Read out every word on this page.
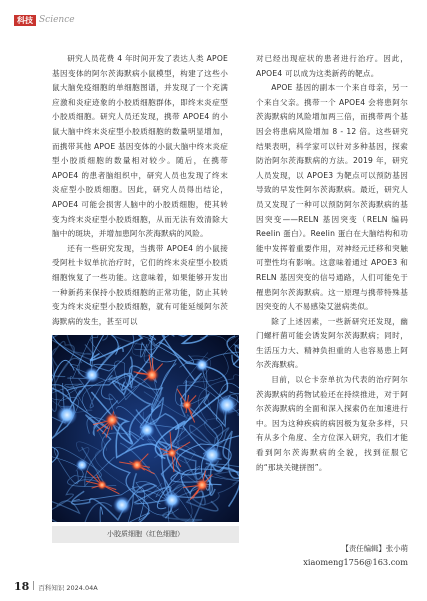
科技 Science

研究人员花费 4 年时间开发了表达人类 APOE 基因变体的阿尔茨海默病小鼠模型，构建了这些小鼠大脑免疫细胞的单细胞图谱，并发现了一个充满应激和炎症迹象的小胶质细胞群体，即终末炎症型小胶质细胞。研究人员还发现，携带 APOE4 的小鼠大脑中终末炎症型小胶质细胞的数量明显增加，而携带其他 APOE 基因变体的小鼠大脑中终末炎症型小胶质细胞的数量相对较少。随后，在携带 APOE4 的患者脑组织中，研究人员也发现了终末炎症型小胶质细胞。因此，研究人员得出结论，APOE4 可能会损害人脑中的小胶质细胞，使其转变为终末炎症型小胶质细胞，从而无法有效清除大脑中的斑块，并增加患阿尔茨海默病的风险。

还有一些研究发现，当携带 APOE4 的小鼠接受阿杜卡奴单抗治疗时，它们的终末炎症型小胶质细胞恢复了一些功能。这意味着，如果能够开发出一种新药来保持小胶质细胞的正常功能，防止其转变为终末炎症型小胶质细胞，就有可能延缓阿尔茨海默病的发生，甚至可以

对已经出现症状的患者进行治疗。因此，APOE4 可以成为这类新药的靶点。

APOE 基因的副本一个来自母亲，另一个来自父亲。携带一个 APOE4 会将患阿尔茨海默病的风险增加两三倍，而携带两个基因会将患病风险增加 8 - 12 倍。这些研究结果表明，科学家可以针对多种基因，探索防治阿尔茨海默病的方法。2019 年，研究人员发现，以 APOE3 为靶点可以预防基因导致的早发性阿尔茨海默病。最近，研究人员又发现了一种可以预防阿尔茨海默病的基因突变——RELN 基因突变（RELN 编码 Reelin 蛋白）。Reelin 蛋白在大脑结构和功能中发挥着重要作用，对神经元迁移和突触可塑性均有影响。这意味着通过 APOE3 和 RELN 基因突变的信号通路，人们可能免于罹患阿尔茨海默病。这一原理与携带特殊基因突变的人不易感染艾滋病类似。

除了上述因素，一些新研究还发现，幽门螺杆菌可能会诱发阿尔茨海默病；同时，生活压力大、精神负担重的人也容易患上阿尔茨海默病。

目前，以仑卡奈单抗为代表的治疗阿尔茨海默病的药物试验还在持续推进，对于阿尔茨海默病的全面和深入探索仍在加速进行中。因为这种疾病的病因极为复杂多样，只有从多个角度、全方位深入研究，我们才能看到阿尔茨海默病的全貌，找到征服它的“那块关键拼图”。

小胶质细胞（红色细胞）
【责任编辑】张小萌
xiaomeng1756@163.com
18 百科知识 2024.04A
